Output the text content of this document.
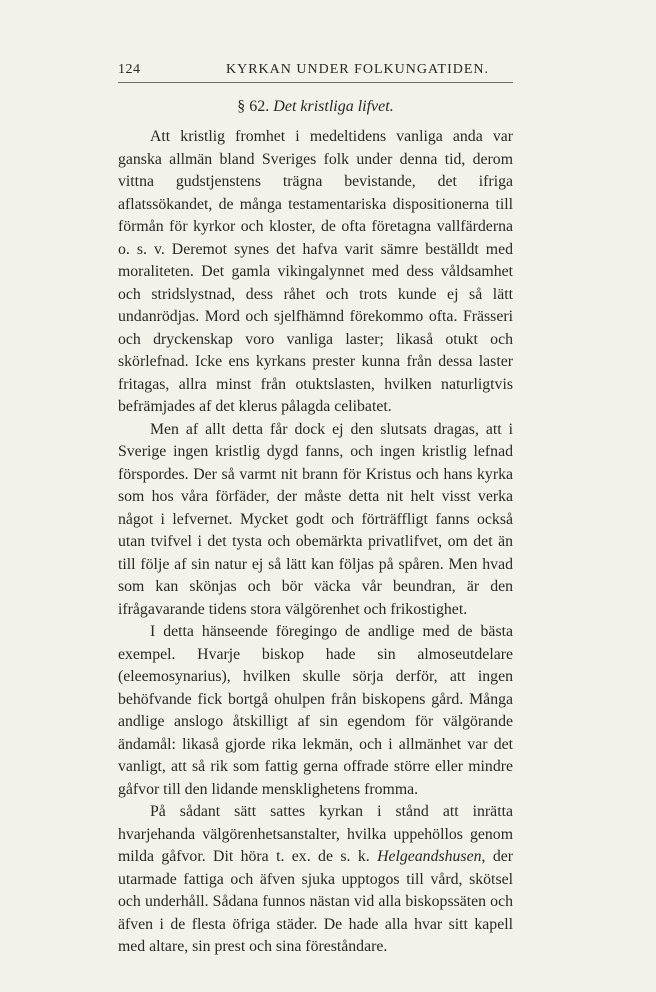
124	KYRKAN UNDER FOLKUNGATIDEN.
§ 62. Det kristliga lifvet.

Att kristlig fromhet i medeltidens vanliga anda var ganska allmän bland Sveriges folk under denna tid, derom vittna gudstjenstens trägna bevistande, det ifriga aflatssökandet, de många testamentariska dispositionerna till förmån för kyrkor och kloster, de ofta företagna vallfärderna o. s. v. Deremot synes det hafva varit sämre beställdt med moraliteten. Det gamla vikingalynnet med dess våldsamhet och stridslystnad, dess råhet och trots kunde ej så lätt undanrödjas. Mord och sjelfhämnd förekommo ofta. Frässeri och dryckenskap voro vanliga laster; likaså otukt och skörlefnad. Icke ens kyrkans prester kunna från dessa laster fritagas, allra minst från otuktslasten, hvilken naturligtvis befrämjades af det klerus pålagda celibatet.

Men af allt detta får dock ej den slutsats dragas, att i Sverige ingen kristlig dygd fanns, och ingen kristlig lefnad förspordes. Der så varmt nit brann för Kristus och hans kyrka som hos våra förfäder, der måste detta nit helt visst verka något i lefvernet. Mycket godt och förträffligt fanns också utan tvifvel i det tysta och obemärkta privatlifvet, om det än till följe af sin natur ej så lätt kan följas på spåren. Men hvad som kan skönjas och bör väcka vår beundran, är den ifrågavarande tidens stora välgörenhet och frikostighet.

I detta hänseende föregingo de andlige med de bästa exempel. Hvarje biskop hade sin almoseutdelare (eleemosynarius), hvilken skulle sörja derför, att ingen behöfvande fick bortgå ohulpen från biskopens gård. Många andlige anslogo åtskilligt af sin egendom för välgörande ändamål: likaså gjorde rika lekmän, och i allmänhet var det vanligt, att så rik som fattig gerna offrade större eller mindre gåfvor till den lidande mensklighetens fromma.

På sådant sätt sattes kyrkan i stånd att inrätta hvarjehanda välgörenhetsanstalter, hvilka uppehöllos genom milda gåfvor. Dit höra t. ex. de s. k. Helgeandshusen, der utarmade fattiga och äfven sjuka upptogos till vård, skötsel och underhåll. Sådana funnos nästan vid alla biskopssäten och äfven i de flesta öfriga städer. De hade alla hvar sitt kapell med altare, sin prest och sina föreståndare.
